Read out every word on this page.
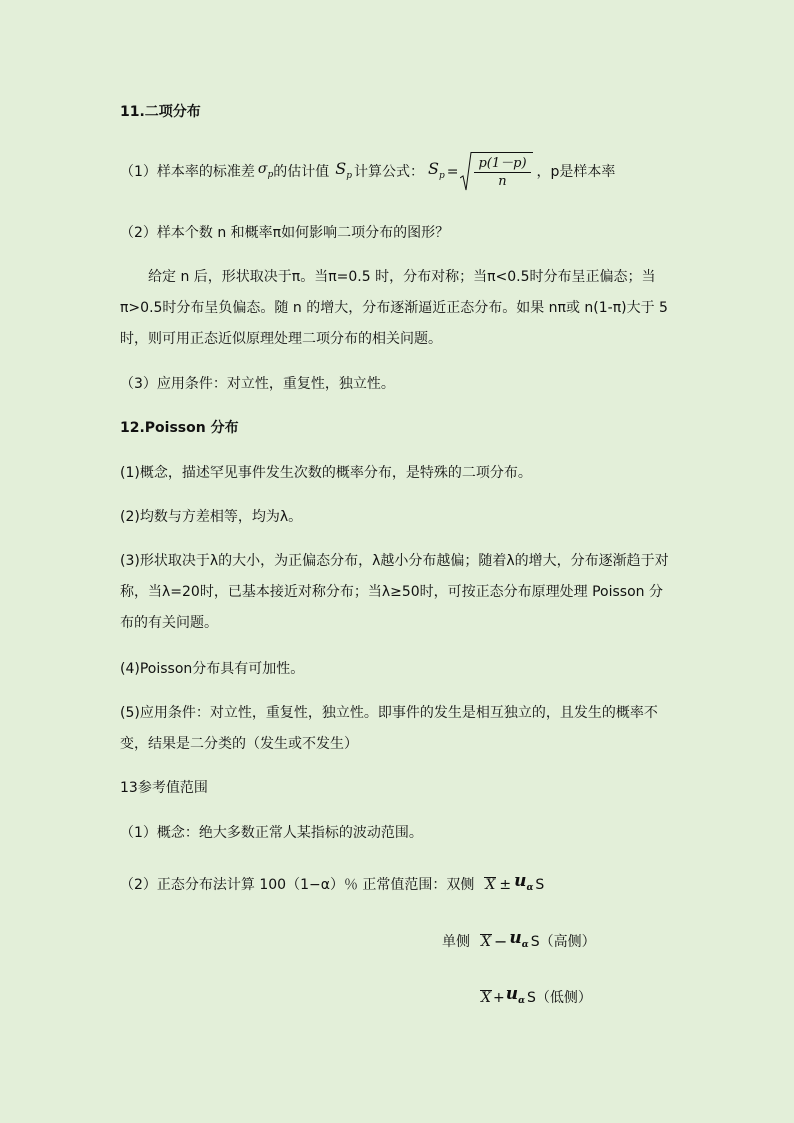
11.二项分布
（1）样本率的标准差 $\sigma_p$ 的估计值 $S_p$ 计算公式： $S_p = \frac{p(1-p)}{n}$ ，p是样本率
（2）样本个数 n 和概率π如何影响二项分布的图形？
给定 n 后，形状取决于π。当π=0.5 时，分布对称；当π<0.5时分布呈正偏态；当π>0.5时分布呈负偏态。随 n 的增大，分布逐渐逼近正态分布。如果 nπ或 n(1-π)大于 5 时，则可用正态近似原理处理二项分布的相关问题。
（3）应用条件：对立性，重复性，独立性。
12.Poisson 分布
(1)概念，描述罕见事件发生次数的概率分布，是特殊的二项分布。
(2)均数与方差相等，均为λ。
(3)形状取决于λ的大小，为正偏态分布，λ越小分布越偏；随着λ的增大，分布逐渐趋于对称，当λ=20时，已基本接近对称分布；当λ≥50时，可按正态分布原理处理 Poisson 分布的有关问题。
(4)Poisson分布具有可加性。
(5)应用条件：对立性，重复性，独立性。即事件的发生是相互独立的，且发生的概率不变，结果是二分类的（发生或不发生）
13参考值范围
（1）概念：绝大多数正常人某指标的波动范围。
（2）正态分布法计算 100（1−α）％ 正常值范围：双侧 $X \pm u_\alpha$ S
单侧 $X - u_\alpha$ S（高侧）
$X + u_\alpha$ S（低侧）
